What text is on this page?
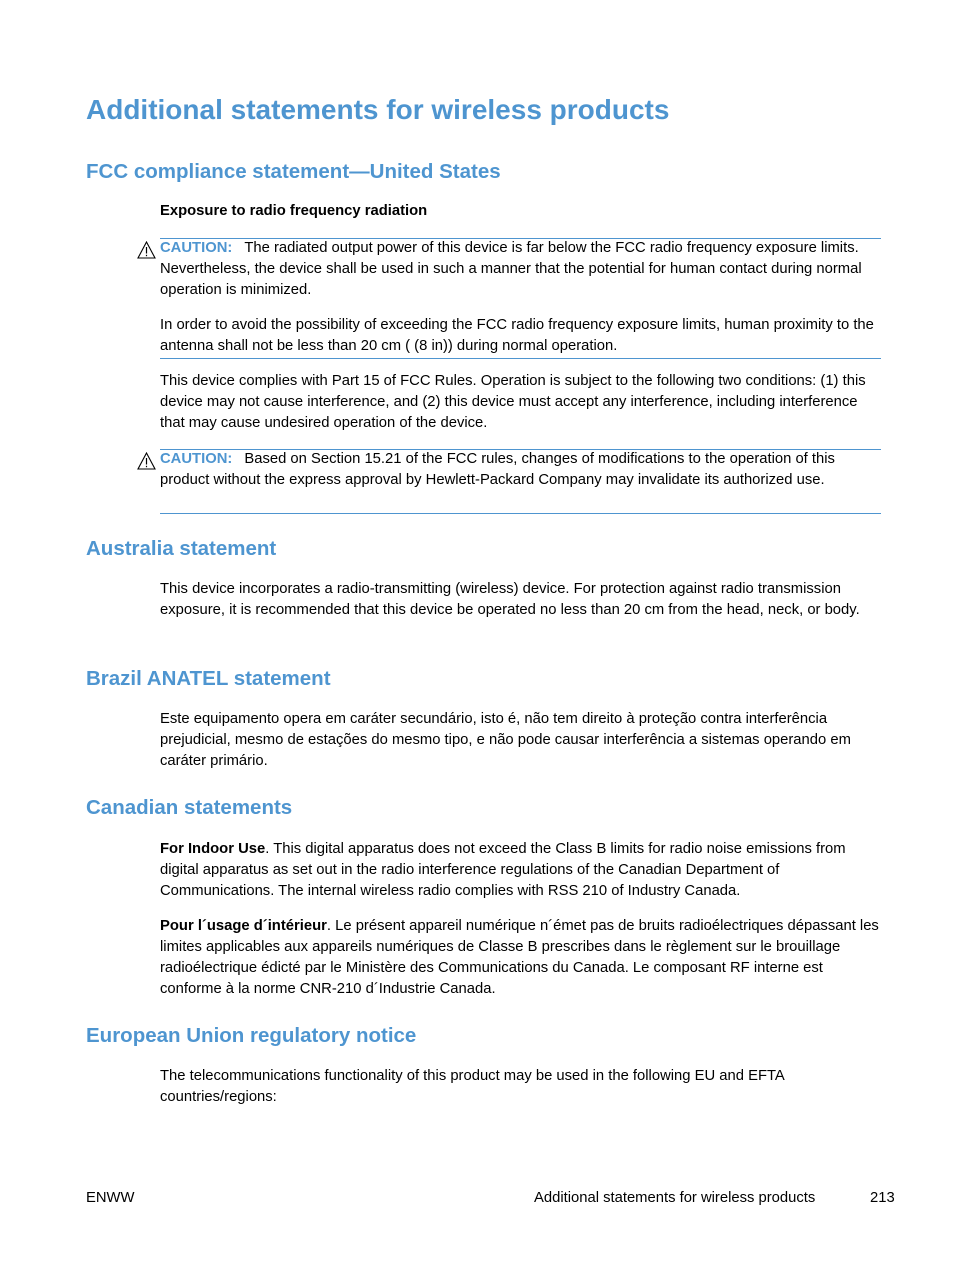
Additional statements for wireless products
FCC compliance statement—United States
Exposure to radio frequency radiation

CAUTION: The radiated output power of this device is far below the FCC radio frequency exposure limits. Nevertheless, the device shall be used in such a manner that the potential for human contact during normal operation is minimized.

In order to avoid the possibility of exceeding the FCC radio frequency exposure limits, human proximity to the antenna shall not be less than 20 cm ( (8 in)) during normal operation.

This device complies with Part 15 of FCC Rules. Operation is subject to the following two conditions: (1) this device may not cause interference, and (2) this device must accept any interference, including interference that may cause undesired operation of the device.

CAUTION: Based on Section 15.21 of the FCC rules, changes of modifications to the operation of this product without the express approval by Hewlett-Packard Company may invalidate its authorized use.

Australia statement

This device incorporates a radio-transmitting (wireless) device. For protection against radio transmission exposure, it is recommended that this device be operated no less than 20 cm from the head, neck, or body.

Brazil ANATEL statement

Este equipamento opera em caráter secundário, isto é, não tem direito à proteção contra interferência prejudicial, mesmo de estações do mesmo tipo, e não pode causar interferência a sistemas operando em caráter primário.

Canadian statements

For Indoor Use. This digital apparatus does not exceed the Class B limits for radio noise emissions from digital apparatus as set out in the radio interference regulations of the Canadian Department of Communications. The internal wireless radio complies with RSS 210 of Industry Canada.

Pour l´usage d´intérieur. Le présent appareil numérique n´émet pas de bruits radioélectriques dépassant les limites applicables aux appareils numériques de Classe B prescribes dans le règlement sur le brouillage radioélectrique édicté par le Ministère des Communications du Canada. Le composant RF interne est conforme à la norme CNR-210 d´Industrie Canada.

European Union regulatory notice

The telecommunications functionality of this product may be used in the following EU and EFTA countries/regions:

ENWW	Additional statements for wireless products	213
